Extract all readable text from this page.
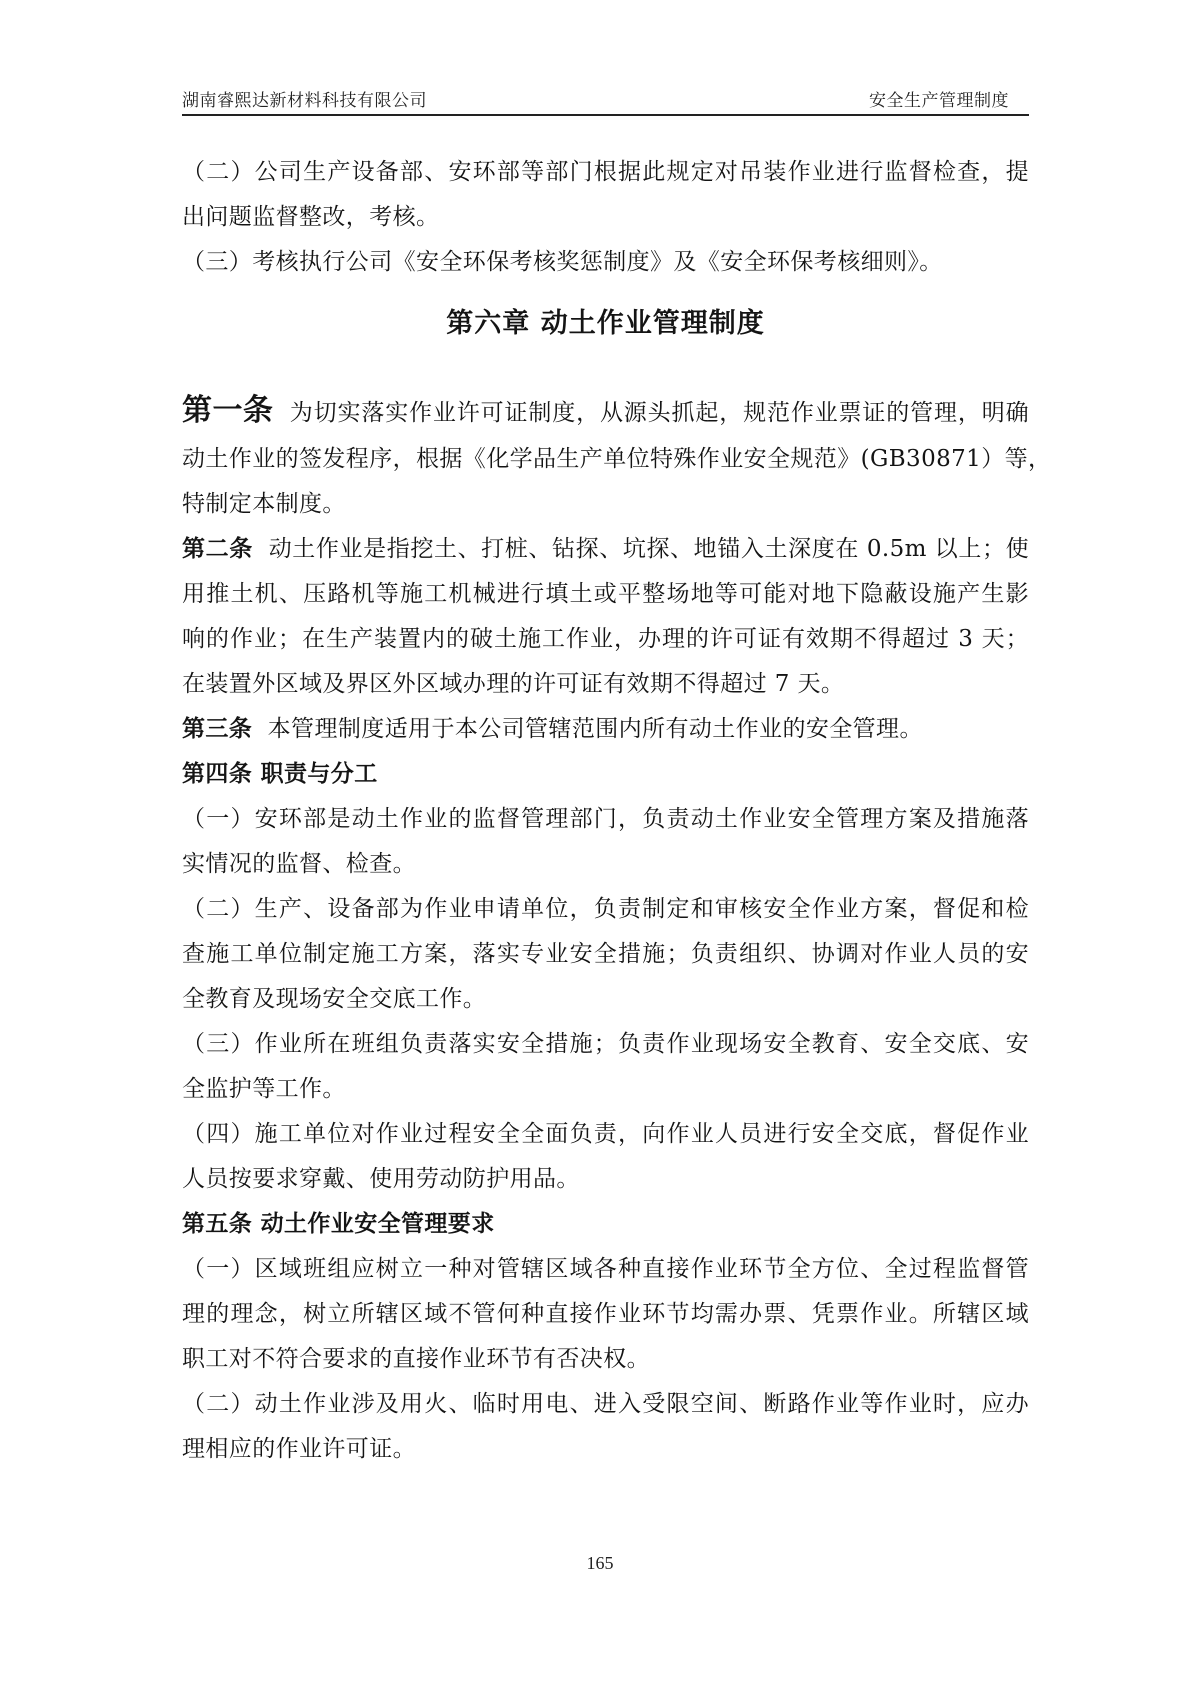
湖南睿熙达新材料科技有限公司	安全生产管理制度
（二）公司生产设备部、安环部等部门根据此规定对吊装作业进行监督检查，提
出问题监督整改，考核。
（三）考核执行公司《安全环保考核奖惩制度》及《安全环保考核细则》。
第六章 动土作业管理制度
第一条 为切实落实作业许可证制度，从源头抓起，规范作业票证的管理，明确
动土作业的签发程序，根据《化学品生产单位特殊作业安全规范》(GB30871）等，
特制定本制度。
第二条 动土作业是指挖土、打桩、钻探、坑探、地锚入土深度在 0.5m 以上；使
用推土机、压路机等施工机械进行填土或平整场地等可能对地下隐蔽设施产生影
响的作业；在生产装置内的破土施工作业，办理的许可证有效期不得超过 3 天；
在装置外区域及界区外区域办理的许可证有效期不得超过 7 天。
第三条 本管理制度适用于本公司管辖范围内所有动土作业的安全管理。
第四条 职责与分工
（一）安环部是动土作业的监督管理部门，负责动土作业安全管理方案及措施落
实情况的监督、检查。
（二）生产、设备部为作业申请单位，负责制定和审核安全作业方案，督促和检
查施工单位制定施工方案，落实专业安全措施；负责组织、协调对作业人员的安
全教育及现场安全交底工作。
（三）作业所在班组负责落实安全措施；负责作业现场安全教育、安全交底、安
全监护等工作。
（四）施工单位对作业过程安全全面负责，向作业人员进行安全交底，督促作业
人员按要求穿戴、使用劳动防护用品。
第五条 动土作业安全管理要求
（一）区域班组应树立一种对管辖区域各种直接作业环节全方位、全过程监督管
理的理念，树立所辖区域不管何种直接作业环节均需办票、凭票作业。所辖区域
职工对不符合要求的直接作业环节有否决权。
（二）动土作业涉及用火、临时用电、进入受限空间、断路作业等作业时，应办
理相应的作业许可证。
165
